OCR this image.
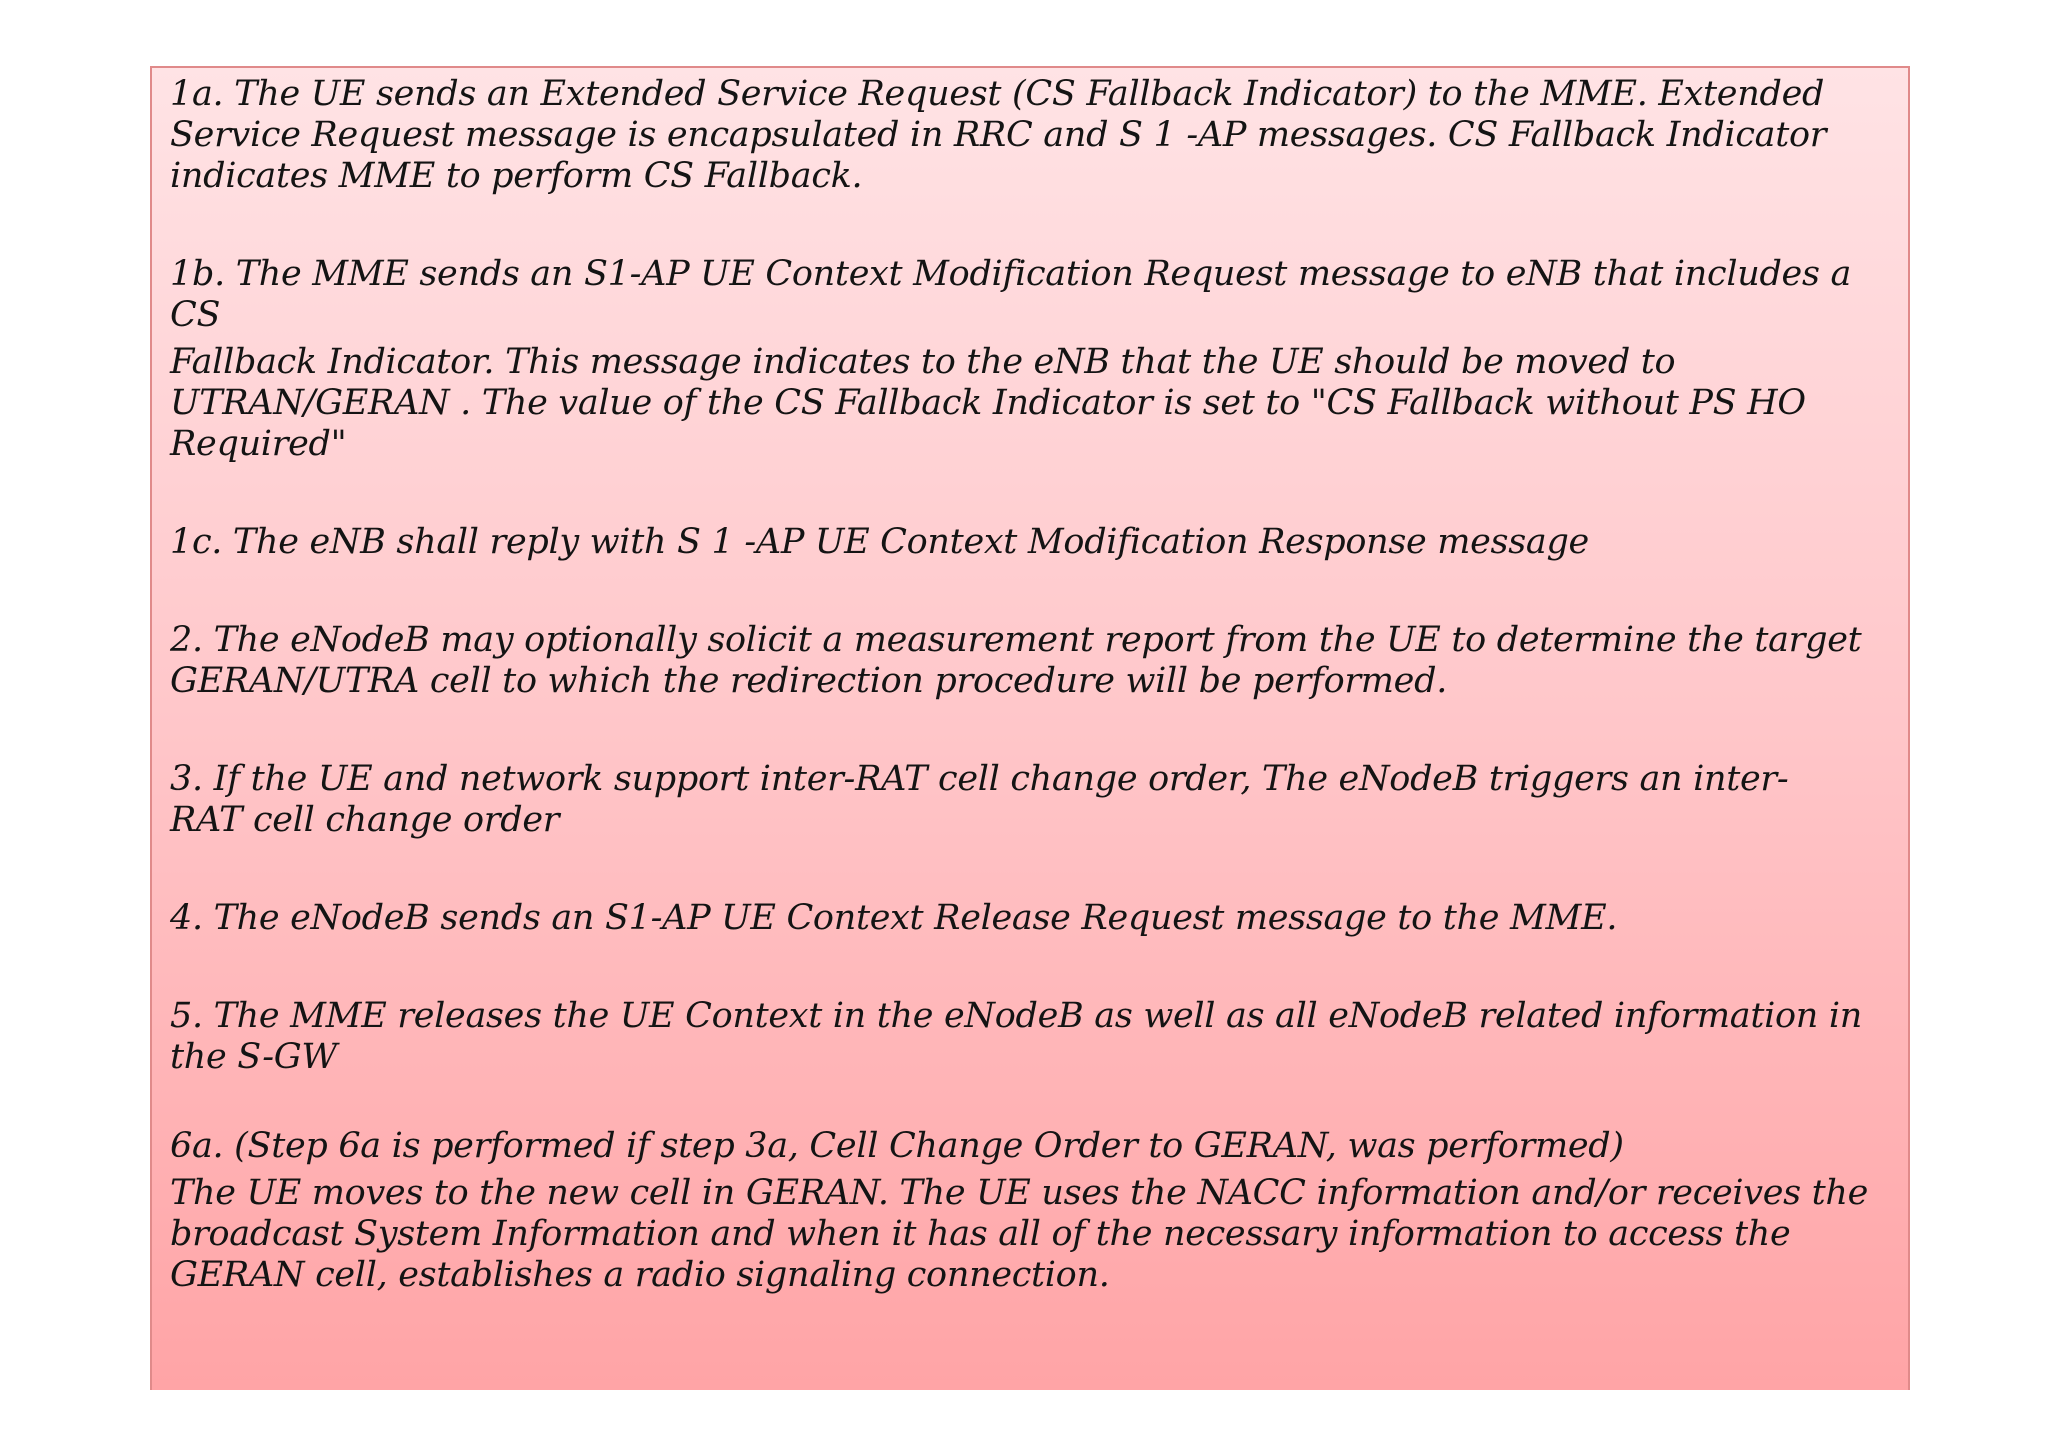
1a. The UE sends an Extended Service Request (CS Fallback Indicator) to the MME. Extended
Service Request message is encapsulated in RRC and S 1 -AP messages. CS Fallback Indicator
indicates MME to perform CS Fallback.

1b. The MME sends an S1-AP UE Context Modification Request message to eNB that includes a
CS

Fallback Indicator. This message indicates to the eNB that the UE should be moved to
UTRAN/GERAN . The value of the CS Fallback Indicator is set to "CS Fallback without PS HO
Required"

1c. The eNB shall reply with S 1 -AP UE Context Modification Response message

2. The eNodeB may optionally solicit a measurement report from the UE to determine the target
GERAN/UTRA cell to which the redirection procedure will be performed.

3. If the UE and network support inter-RAT cell change order, The eNodeB triggers an inter-
RAT cell change order

4. The eNodeB sends an S1-AP UE Context Release Request message to the MME.

5. The MME releases the UE Context in the eNodeB as well as all eNodeB related information in
the S-GW

6a. (Step 6a is performed if step 3a, Cell Change Order to GERAN, was performed)

The UE moves to the new cell in GERAN. The UE uses the NACC information and/or receives the
broadcast System Information and when it has all of the necessary information to access the
GERAN cell, establishes a radio signaling connection.
